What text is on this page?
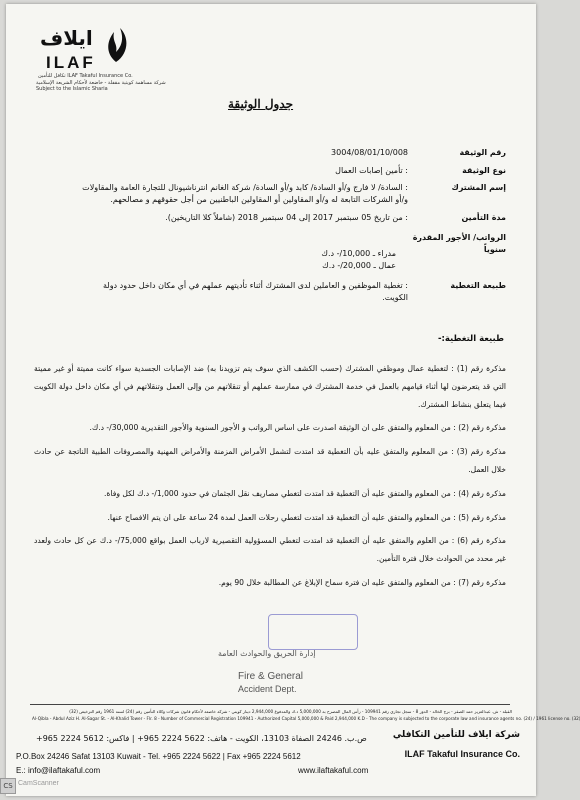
ايلاف
ILAF
تكافل للتأمين ILAF Takaful Insurance Co.
شركة مساهمة كويتية مقفلة - خاضعة لأحكام الشريعة الإسلامية
Subject to the Islamic Sharia
جدول الوثيقة
رقم الوثيقة

3004/08/01/10/008

نوع الوثيقة

: تأمين إصابات العمال

إسم المشترك

: السادة/ لا فارج و/أو السادة/ كابد و/أو السادة/ شركة الغانم انترناشيونال للتجارة العامة والمقاولات

و/أو الشركات التابعة له و/أو المقاولين أو المقاولين الباطنيين من أجل حقوقهم و مصالحهم.

مدة التأمين

: من تاريخ 05 سبتمبر 2017 إلى 04 سبتمبر 2018 (شاملاً كلا التاريخين).

الرواتب/ الأجور المقدرة سنوياً

مدراء ـ 10,000/- د.ك

عمال ـ 20,000/- د.ك

طبيعة التغطية

: تغطية الموظفين و العاملين لدى المشترك أثناء تأديتهم عملهم في أي مكان داخل حدود دولة

الكويت.

طبيعة التغطية:-

مذكرة رقم (1) : لتغطية عمال وموظفي المشترك (حسب الكشف الذي سوف يتم تزويدنا به) ضد الإصابات الجسدية سواء كانت مميتة أو غير مميتة التي قد يتعرضون لها أثناء قيامهم بالعمل في خدمة المشترك في ممارسة عملهم أو تنقلاتهم من وإلى العمل وتنقلاتهم في أي مكان داخل دولة الكويت فيما يتعلق بنشاط المشترك.

مذكرة رقم (2) : من المعلوم والمتفق على ان الوثيقة اصدرت على اساس الرواتب و الأجور السنوية والأجور التقديرية 30,000/- د.ك.

مذكرة رقم (3) : من المعلوم والمتفق عليه بأن التغطية قد امتدت لتشمل الأمراض المزمنة والأمراض المهنية والمصروفات الطبية الناتجة عن حادث خلال العمل.

مذكرة رقم (4) : من المعلوم والمتفق عليه أن التغطية قد امتدت لتغطي مصاريف نقل الجثمان في حدود 1,000/- د.ك لكل وفاة.

مذكرة رقم (5) : من المعلوم والمتفق عليه أن التغطية قد امتدت لتغطي رحلات العمل لمدة 24 ساعة على ان يتم الافصاح عنها.

مذكرة رقم (6) : من العلوم والمتفق عليه أن التغطية قد امتدت لتغطي المسؤولية التقصيرية لارباب العمل بواقع 75,000/- د.ك عن كل حادث ولعدد غير محدد من الحوادث خلال فترة التأمين.

مذكرة رقم (7) : من المعلوم والمتفق عليه ان فترة سماح الإبلاغ عن المطالبة خلال 90 يوم.

إدارة الحريق والحوادث العامة
Fire & General
Accident Dept.
القبلة - ش. عبدالعزيز حمد الصقر - برج الخالد - الدور 8 - سجل تجاري رقم 109941 - رأس المال المصرح به 5,000,000 د.ك والمدفوع 2,944,000 دينار كويتي - شركة خاضعة لأحكام قانون شركات وكلاء التأمين رقم (24) لسنة 1961 رقم الترخيص (32)
Al-Qibla - Abdul Aziz H. Al-Sagar St. - Al-Khalid Tower - Flr. 8 - Number of Commercial Registration 109941 - Authorized Capital 5,000,000 & Paid 2,944,000 K.D - The company is subjected to the corporate law and insurance agents no. (24) / 1961 license no. (32)
شركة ايلاف للتأمين التكافلي
ILAF Takaful Insurance Co.
ص.ب. 24246 الصفاة 13103، الكويت - هاتف: 5622 2224 965+ | فاكس: 5612 2224 965+
P.O.Box 24246 Safat 13103 Kuwait - Tel. +965 2224 5622 | Fax +965 2224 5612
E.: info@ilaftakaful.com	www.ilaftakaful.com
CS CamScanner
